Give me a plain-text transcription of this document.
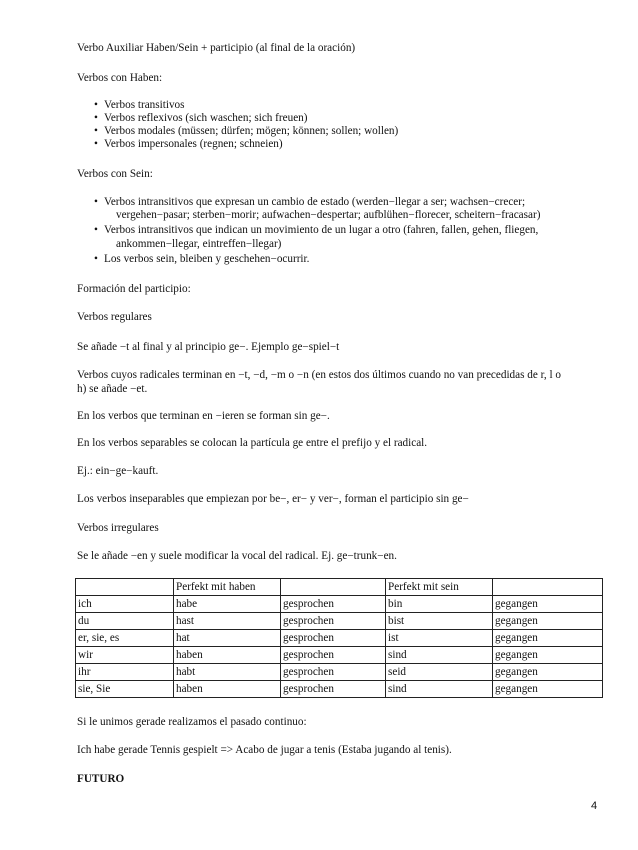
Verbo Auxiliar Haben/Sein + participio (al final de la oración)
Verbos con Haben:
• Verbos transitivos
• Verbos reflexivos (sich waschen; sich freuen)
• Verbos modales (müssen; dürfen; mögen; können; sollen; wollen)
• Verbos impersonales (regnen; schneien)
Verbos con Sein:
• Verbos intransitivos que expresan un cambio de estado (werden−llegar a ser; wachsen−crecer;
vergehen−pasar; sterben−morir; aufwachen−despertar; aufblühen−florecer, scheitern−fracasar)
• Verbos intransitivos que indican un movimiento de un lugar a otro (fahren, fallen, gehen, fliegen,
ankommen−llegar, eintreffen−llegar)
• Los verbos sein, bleiben y geschehen−ocurrir.
Formación del participio:
Verbos regulares
Se añade −t al final y al principio ge−. Ejemplo ge−spiel−t
Verbos cuyos radicales terminan en −t, −d, −m o −n (en estos dos últimos cuando no van precedidas de r, l o
h) se añade −et.
En los verbos que terminan en −ieren se forman sin ge−.
En los verbos separables se colocan la partícula ge entre el prefijo y el radical.
Ej.: ein−ge−kauft.
Los verbos inseparables que empiezan por be−, er− y ver−, forman el participio sin ge−
Verbos irregulares
Se le añade −en y suele modificar la vocal del radical. Ej. ge−trunk−en.
	Perfekt mit haben		Perfekt mit sein	
ich	habe	gesprochen	bin	gegangen
du	hast	gesprochen	bist	gegangen
er, sie, es	hat	gesprochen	ist	gegangen
wir	haben	gesprochen	sind	gegangen
ihr	habt	gesprochen	seid	gegangen
sie, Sie	haben	gesprochen	sind	gegangen
Si le unimos gerade realizamos el pasado continuo:
Ich habe gerade Tennis gespielt => Acabo de jugar a tenis (Estaba jugando al tenis).
FUTURO
4
